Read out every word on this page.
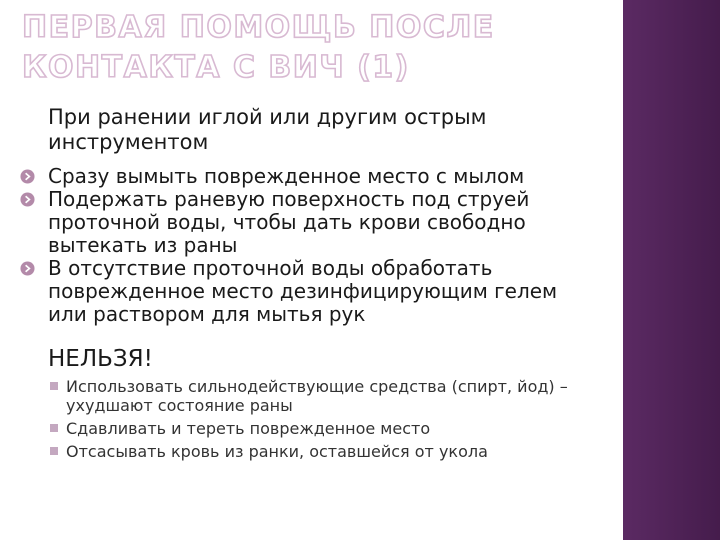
ПЕРВАЯ ПОМОЩЬ ПОСЛЕ КОНТАКТА С ВИЧ (1)
При ранении иглой или другим острым инструментом
Сразу вымыть поврежденное место с мылом
Подержать раневую поверхность под струей проточной воды, чтобы дать крови свободно вытекать из раны
В отсутствие проточной воды обработать поврежденное место дезинфицирующим гелем или раствором для мытья рук
НЕЛЬЗЯ!
Использовать сильнодействующие средства (спирт, йод) – ухудшают состояние раны
Сдавливать и тереть поврежденное место
Отсасывать кровь из ранки, оставшейся от укола
